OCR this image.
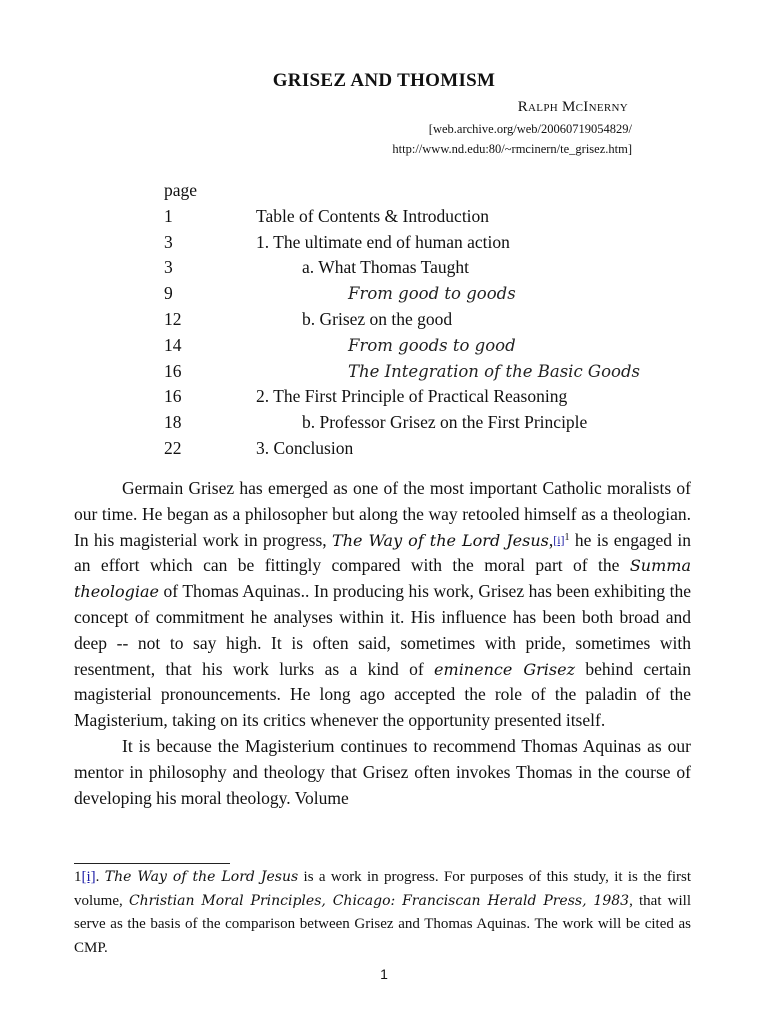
GRISEZ AND THOMISM
Ralph McInerny
[web.archive.org/web/20060719054829/
http://www.nd.edu:80/~rmcinern/te_grisez.htm]
page
1	Table of Contents & Introduction
3	1. The ultimate end of human action
3	a. What Thomas Taught
9	From good to goods
12	b. Grisez on the good
14	From goods to good
16	The Integration of the Basic Goods
16	2. The First Principle of Practical Reasoning
18	b. Professor Grisez on the First Principle
22	3. Conclusion

Germain Grisez has emerged as one of the most important Catholic moralists of our time. He began as a philosopher but along the way retooled himself as a theologian. In his magisterial work in progress, The Way of the Lord $Jesus,[i]^1$ he is engaged in an effort which can be fittingly compared with the moral part of the Summa theologiae of Thomas Aquinas.. In producing his work, Grisez has been exhibiting the concept of commitment he analyses within it. His influence has been both broad and deep -- not to say high. It is often said, sometimes with pride, sometimes with resentment, that his work lurks as a kind of eminence Grisez behind certain magisterial pronouncements. He long ago accepted the role of the paladin of the Magisterium, taking on its critics whenever the opportunity presented itself.

It is because the Magisterium continues to recommend Thomas Aquinas as our mentor in philosophy and theology that Grisez often invokes Thomas in the course of developing his moral theology. Volume

1[i]. The Way of the Lord Jesus is a work in progress. For purposes of this study, it is the first volume, Christian Moral Principles, Chicago: Franciscan Herald Press, 1983, that will serve as the basis of the comparison between Grisez and Thomas Aquinas. The work will be cited as CMP.
1
